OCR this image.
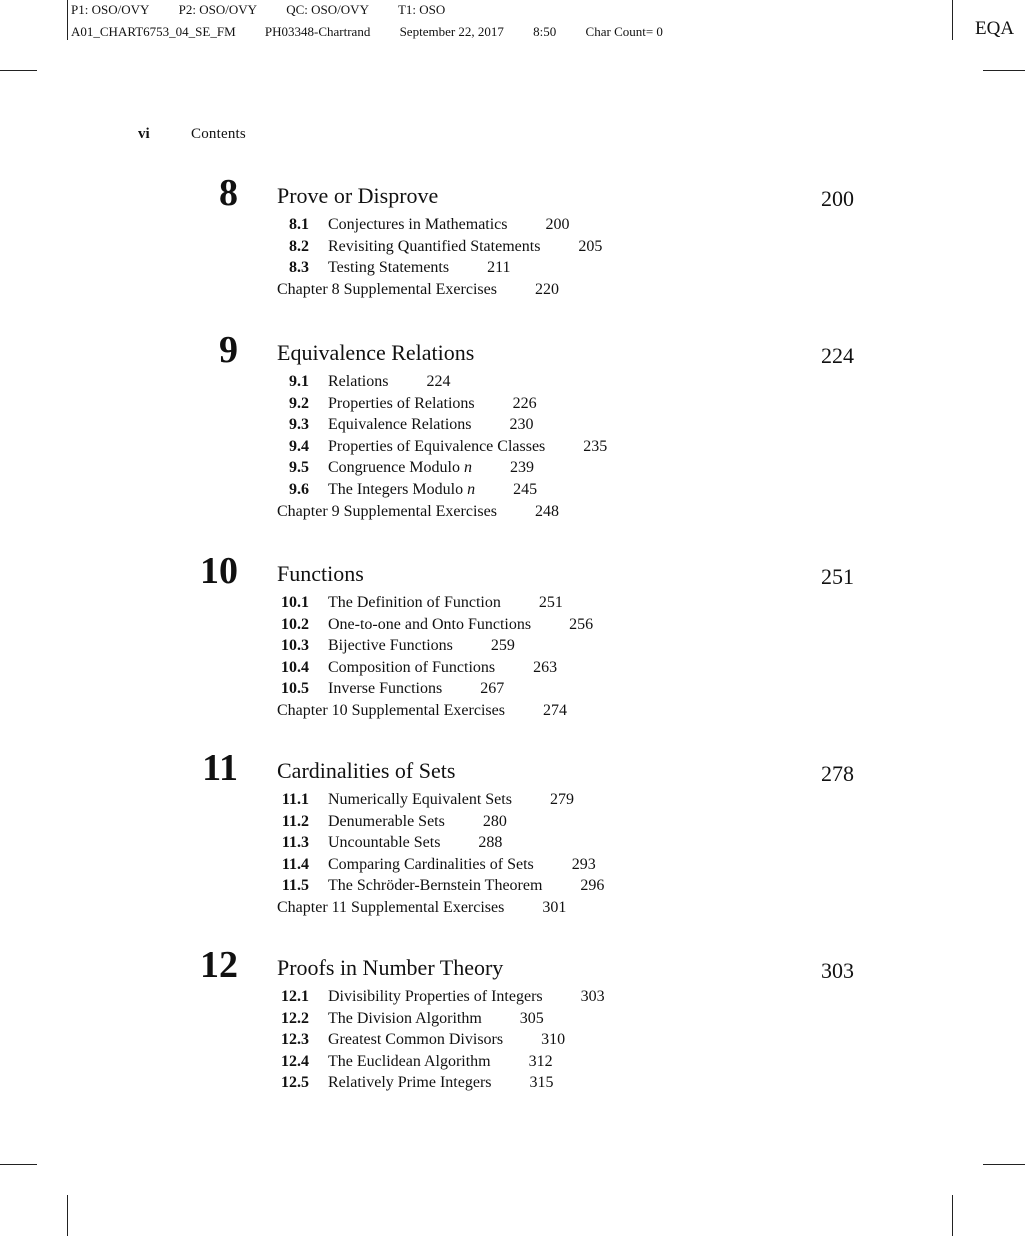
P1: OSO/OVY P2: OSO/OVY QC: OSO/OVY T1: OSO
A01_CHART6753_04_SE_FM PH03348-Chartrand September 22, 2017 8:50 Char Count= 0	EQA
vi	Contents
8 Prove or Disprove	200
8.1 Conjectures in Mathematics 200
8.2 Revisiting Quantified Statements 205
8.3 Testing Statements 211
Chapter 8 Supplemental Exercises 220
9 Equivalence Relations	224
9.1 Relations 224
9.2 Properties of Relations 226
9.3 Equivalence Relations 230
9.4 Properties of Equivalence Classes 235
9.5 Congruence Modulo n 239
9.6 The Integers Modulo n 245
Chapter 9 Supplemental Exercises 248
10 Functions	251
10.1 The Definition of Function 251
10.2 One-to-one and Onto Functions 256
10.3 Bijective Functions 259
10.4 Composition of Functions 263
10.5 Inverse Functions 267
Chapter 10 Supplemental Exercises 274
11 Cardinalities of Sets	278
11.1 Numerically Equivalent Sets 279
11.2 Denumerable Sets 280
11.3 Uncountable Sets 288
11.4 Comparing Cardinalities of Sets 293
11.5 The Schröder-Bernstein Theorem 296
Chapter 11 Supplemental Exercises 301
12 Proofs in Number Theory	303
12.1 Divisibility Properties of Integers 303
12.2 The Division Algorithm 305
12.3 Greatest Common Divisors 310
12.4 The Euclidean Algorithm 312
12.5 Relatively Prime Integers 315
